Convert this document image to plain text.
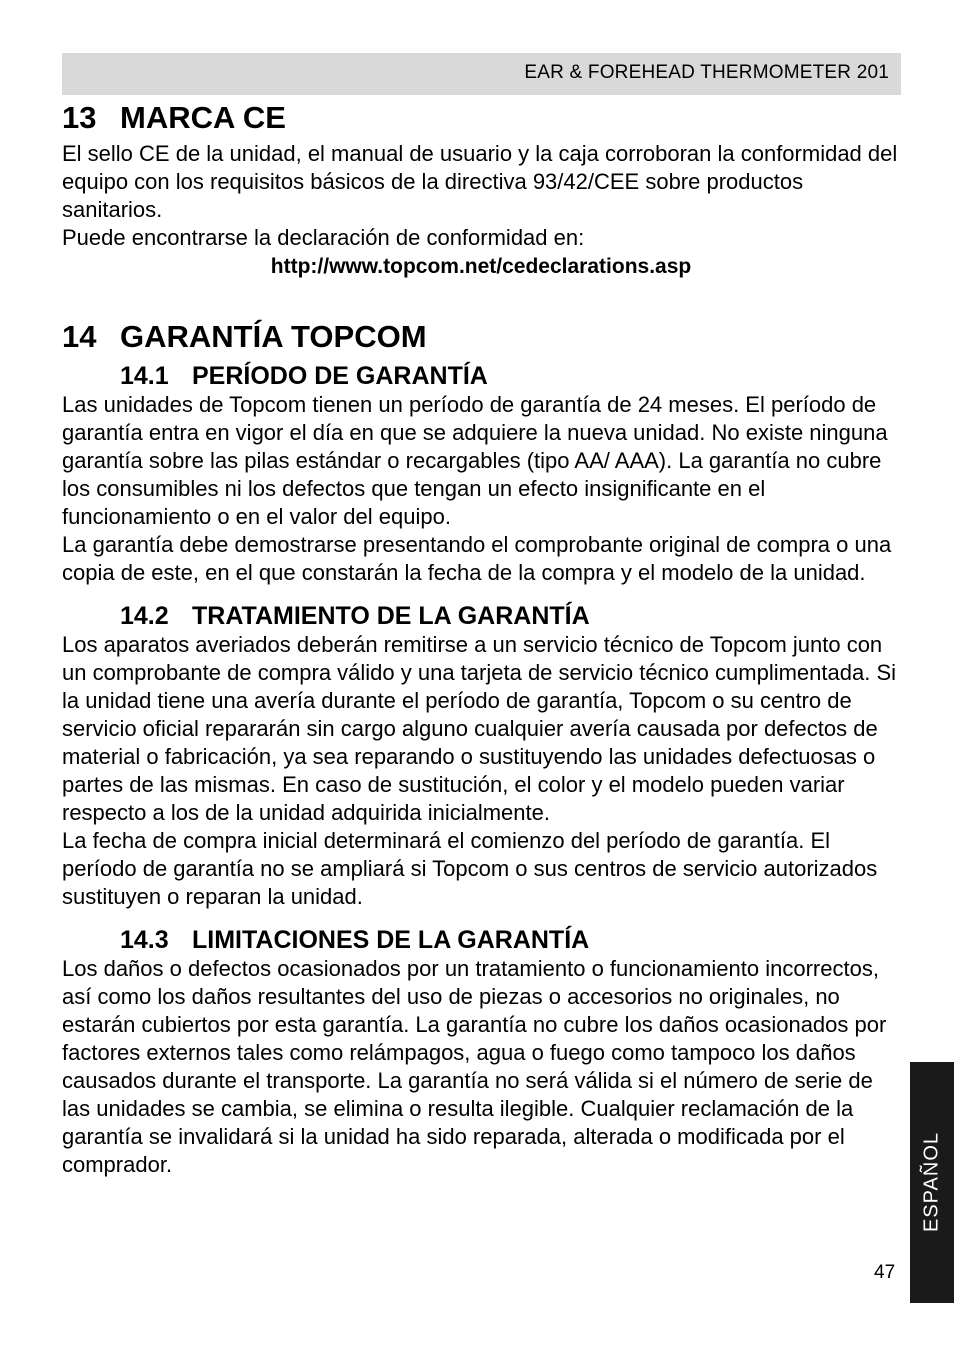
EAR & FOREHEAD THERMOMETER 201
13 MARCA CE

El sello CE de la unidad, el manual de usuario y la caja corroboran la conformidad del equipo con los requisitos básicos de la directiva 93/42/CEE sobre productos sanitarios.

Puede encontrarse la declaración de conformidad en:

http://www.topcom.net/cedeclarations.asp

14 GARANTÍA TOPCOM
14.1 PERÍODO DE GARANTÍA

Las unidades de Topcom tienen un período de garantía de 24 meses. El período de garantía entra en vigor el día en que se adquiere la nueva unidad. No existe ninguna garantía sobre las pilas estándar o recargables (tipo AA/ AAA). La garantía no cubre los consumibles ni los defectos que tengan un efecto insignificante en el funcionamiento o en el valor del equipo.

La garantía debe demostrarse presentando el comprobante original de compra o una copia de este, en el que constarán la fecha de la compra y el modelo de la unidad.

14.2 TRATAMIENTO DE LA GARANTÍA

Los aparatos averiados deberán remitirse a un servicio técnico de Topcom junto con un comprobante de compra válido y una tarjeta de servicio técnico cumplimentada. Si la unidad tiene una avería durante el período de garantía, Topcom o su centro de servicio oficial repararán sin cargo alguno cualquier avería causada por defectos de material o fabricación, ya sea reparando o sustituyendo las unidades defectuosas o partes de las mismas. En caso de sustitución, el color y el modelo pueden variar respecto a los de la unidad adquirida inicialmente.

La fecha de compra inicial determinará el comienzo del período de garantía. El período de garantía no se ampliará si Topcom o sus centros de servicio autorizados sustituyen o reparan la unidad.

14.3 LIMITACIONES DE LA GARANTÍA

Los daños o defectos ocasionados por un tratamiento o funcionamiento incorrectos, así como los daños resultantes del uso de piezas o accesorios no originales, no estarán cubiertos por esta garantía. La garantía no cubre los daños ocasionados por factores externos tales como relámpagos, agua o fuego como tampoco los daños causados durante el transporte. La garantía no será válida si el número de serie de las unidades se cambia, se elimina o resulta ilegible. Cualquier reclamación de la garantía se invalidará si la unidad ha sido reparada, alterada o modificada por el comprador.	ESPAÑOL
47
